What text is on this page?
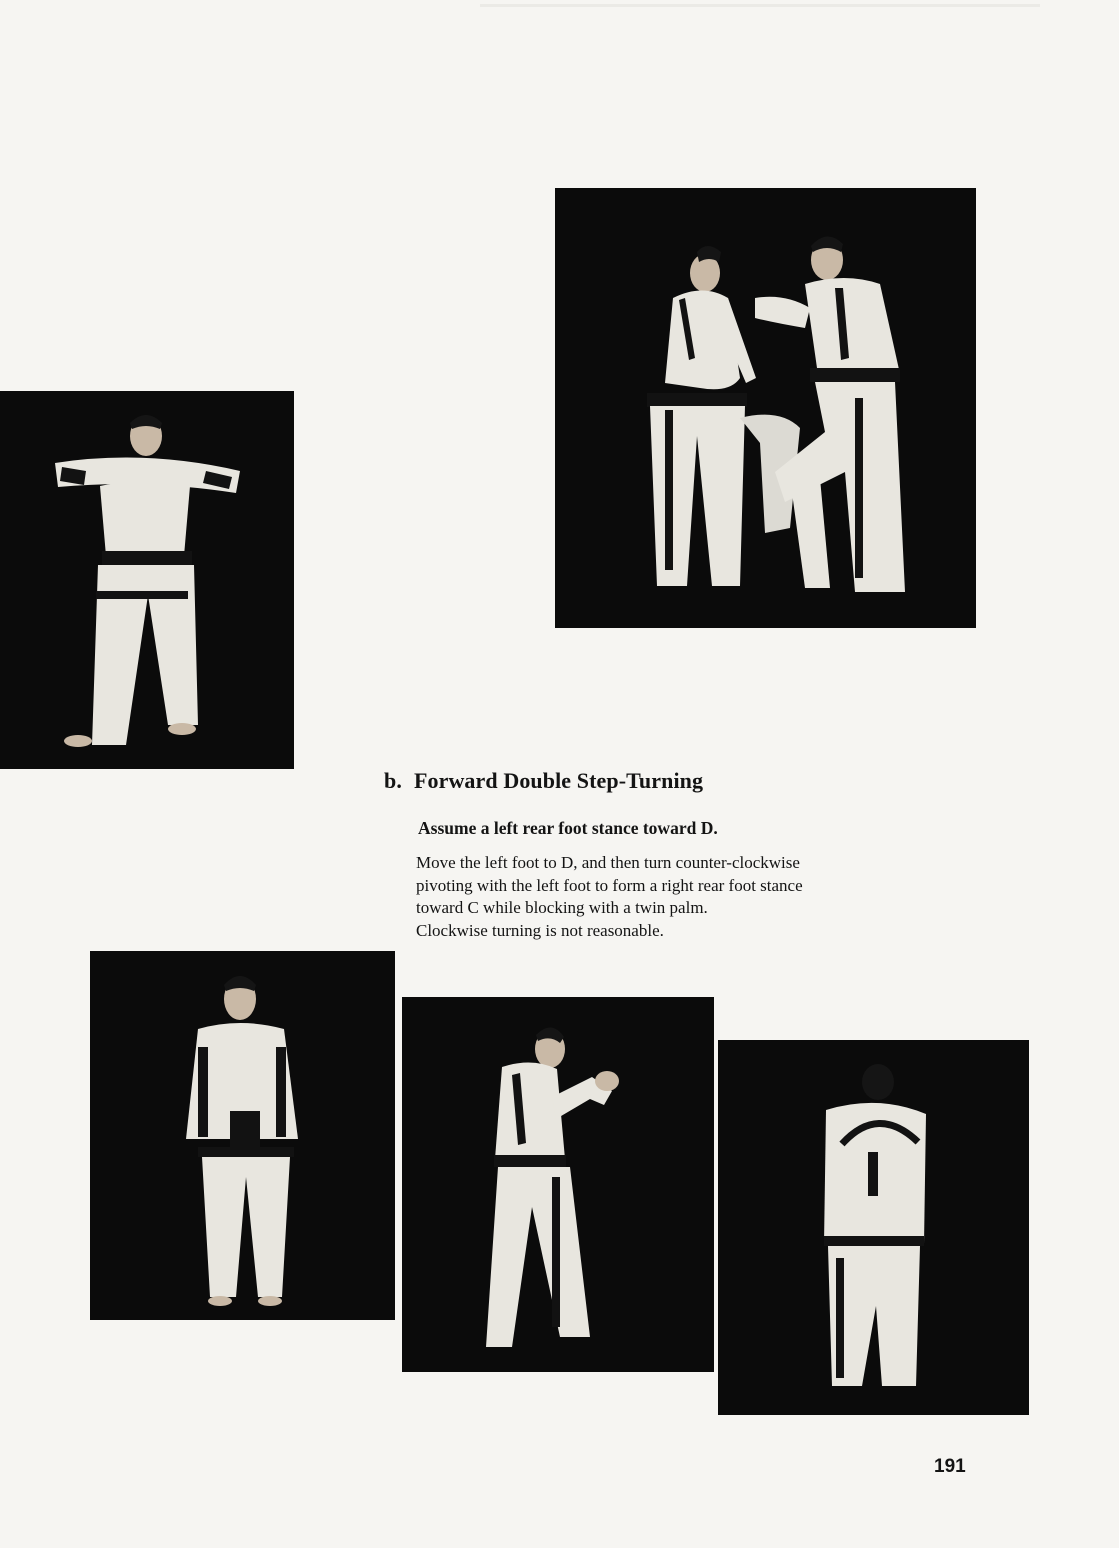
b. Forward Double Step-Turning

Assume a left rear foot stance toward D.

Move the left foot to D, and then turn counter-clockwise
pivoting with the left foot to form a right rear foot stance
toward C while blocking with a twin palm.
Clockwise turning is not reasonable.

191
